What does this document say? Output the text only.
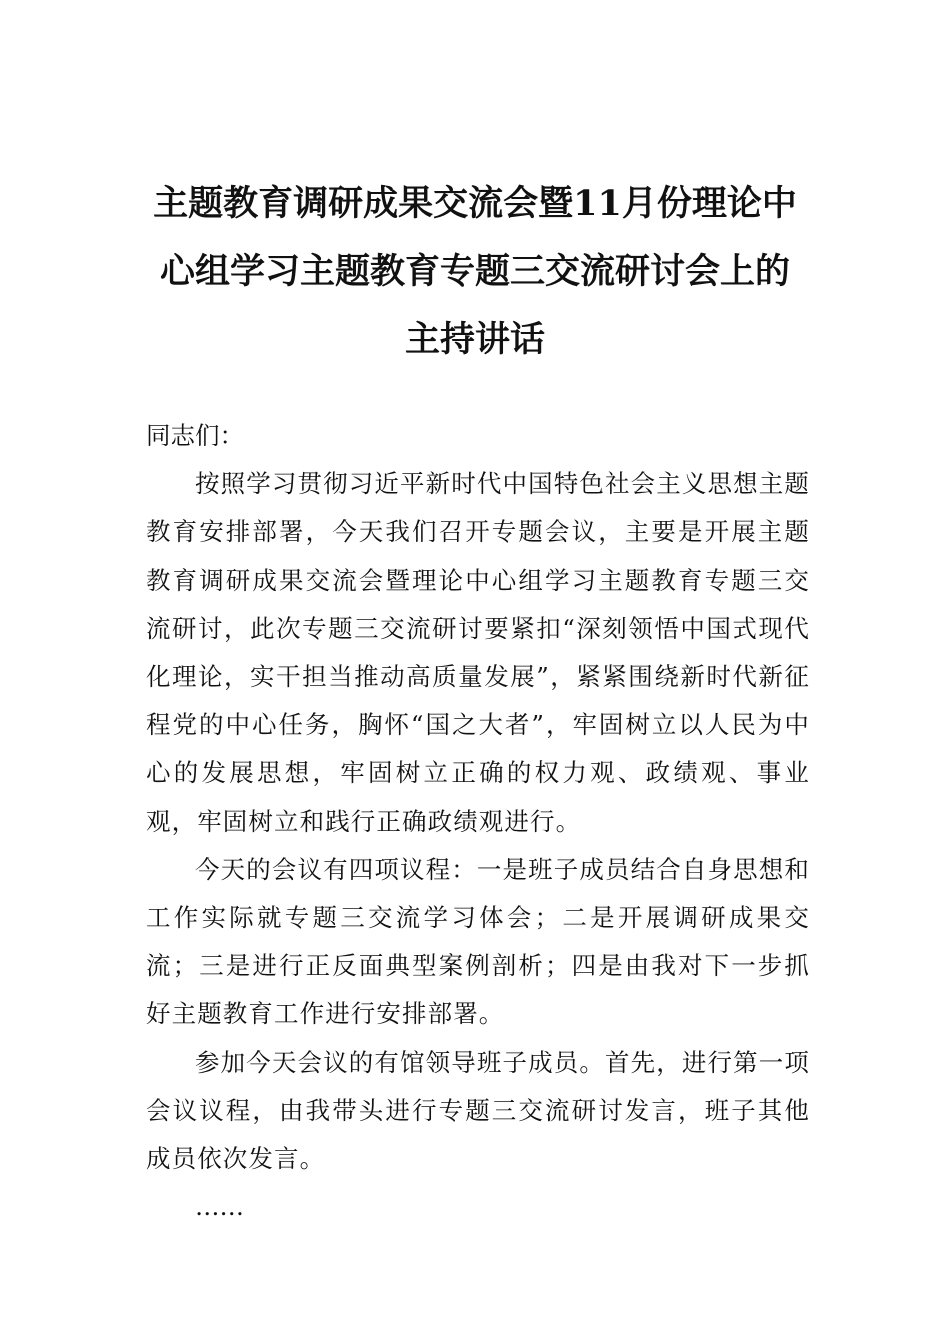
主题教育调研成果交流会暨11月份理论中
心组学习主题教育专题三交流研讨会上的
主持讲话

同志们：

按照学习贯彻习近平新时代中国特色社会主义思想主题教育安排部署，今天我们召开专题会议，主要是开展主题教育调研成果交流会暨理论中心组学习主题教育专题三交流研讨，此次专题三交流研讨要紧扣“深刻领悟中国式现代化理论，实干担当推动高质量发展”，紧紧围绕新时代新征程党的中心任务，胸怀“国之大者”，牢固树立以人民为中心的发展思想，牢固树立正确的权力观、政绩观、事业观，牢固树立和践行正确政绩观进行。

今天的会议有四项议程：一是班子成员结合自身思想和工作实际就专题三交流学习体会；二是开展调研成果交流；三是进行正反面典型案例剖析；四是由我对下一步抓好主题教育工作进行安排部署。

参加今天会议的有馆领导班子成员。首先，进行第一项会议议程，由我带头进行专题三交流研讨发言，班子其他成员依次发言。

……
